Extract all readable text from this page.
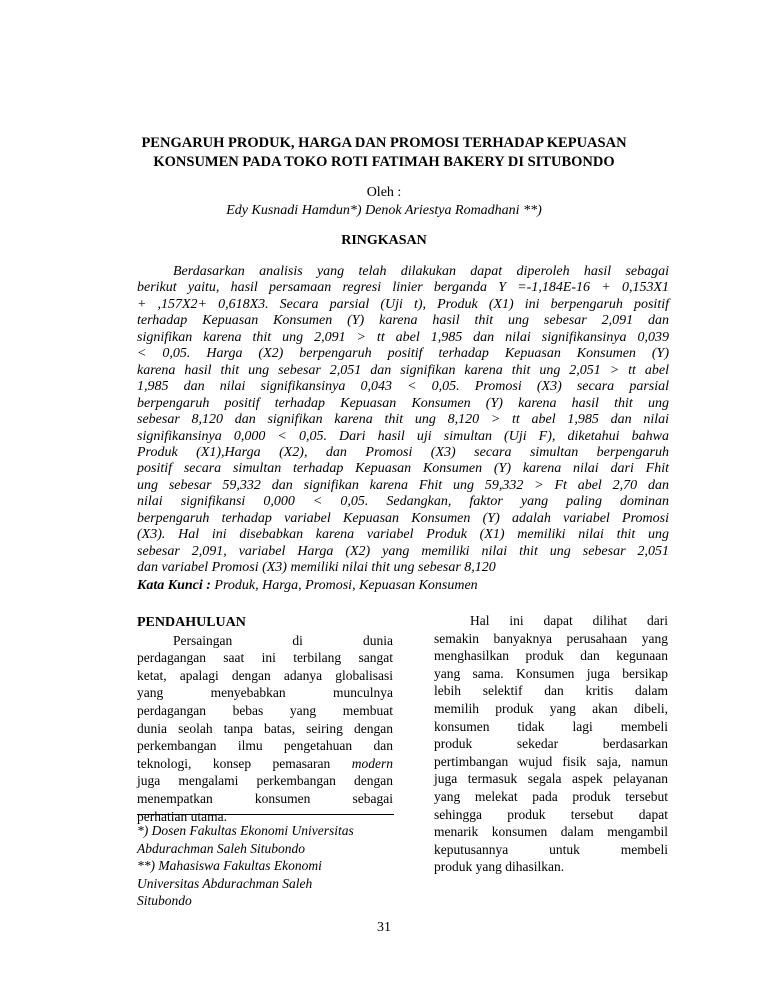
PENGARUH PRODUK, HARGA DAN PROMOSI TERHADAP KEPUASAN
KONSUMEN PADA TOKO ROTI FATIMAH BAKERY DI SITUBONDO
Oleh :
Edy Kusnadi Hamdun*) Denok Ariestya Romadhani **)
RINGKASAN
Berdasarkan analisis yang telah dilakukan dapat diperoleh hasil sebagai
berikut yaitu, hasil persamaan regresi linier berganda Y =-1,184E-16 + 0,153X1
+ ,157X2+ 0,618X3. Secara parsial (Uji t), Produk (X1) ini berpengaruh positif
terhadap Kepuasan Konsumen (Y) karena hasil thit ung sebesar 2,091 dan
signifikan karena thit ung 2,091 > tt abel 1,985 dan nilai signifikansinya 0,039
< 0,05. Harga (X2) berpengaruh positif terhadap Kepuasan Konsumen (Y)
karena hasil thit ung sebesar 2,051 dan signifikan karena thit ung 2,051 > tt abel
1,985 dan nilai signifikansinya 0,043 < 0,05. Promosi (X3) secara parsial
berpengaruh positif terhadap Kepuasan Konsumen (Y) karena hasil thit ung
sebesar 8,120 dan signifikan karena thit ung 8,120 > tt abel 1,985 dan nilai
signifikansinya 0,000 < 0,05. Dari hasil uji simultan (Uji F), diketahui bahwa
Produk (X1),Harga (X2), dan Promosi (X3) secara simultan berpengaruh
positif secara simultan terhadap Kepuasan Konsumen (Y) karena nilai dari Fhit
ung sebesar 59,332 dan signifikan karena Fhit ung 59,332 > Ft abel 2,70 dan
nilai signifikansi 0,000 < 0,05. Sedangkan, faktor yang paling dominan
berpengaruh terhadap variabel Kepuasan Konsumen (Y) adalah variabel Promosi
(X3). Hal ini disebabkan karena variabel Produk (X1) memiliki nilai thit ung
sebesar 2,091, variabel Harga (X2) yang memiliki nilai thit ung sebesar 2,051
dan variabel Promosi (X3) memiliki nilai thit ung sebesar 8,120
Kata Kunci : Produk, Harga, Promosi, Kepuasan Konsumen
PENDAHULUAN
Persaingan di dunia
perdagangan saat ini terbilang sangat
ketat, apalagi dengan adanya globalisasi
yang menyebabkan munculnya
perdagangan bebas yang membuat
dunia seolah tanpa batas, seiring dengan
perkembangan ilmu pengetahuan dan
teknologi, konsep pemasaran modern
juga mengalami perkembangan dengan
menempatkan konsumen sebagai
perhatian utama.
*) Dosen Fakultas Ekonomi Universitas
Abdurachman Saleh Situbondo
**) Mahasiswa Fakultas Ekonomi
Universitas Abdurachman Saleh
Situbondo
Hal ini dapat dilihat dari
semakin banyaknya perusahaan yang
menghasilkan produk dan kegunaan
yang sama. Konsumen juga bersikap
lebih selektif dan kritis dalam
memilih produk yang akan dibeli,
konsumen tidak lagi membeli
produk sekedar berdasarkan
pertimbangan wujud fisik saja, namun
juga termasuk segala aspek pelayanan
yang melekat pada produk tersebut
sehingga produk tersebut dapat
menarik konsumen dalam mengambil
keputusannya untuk membeli
produk yang dihasilkan.
31
